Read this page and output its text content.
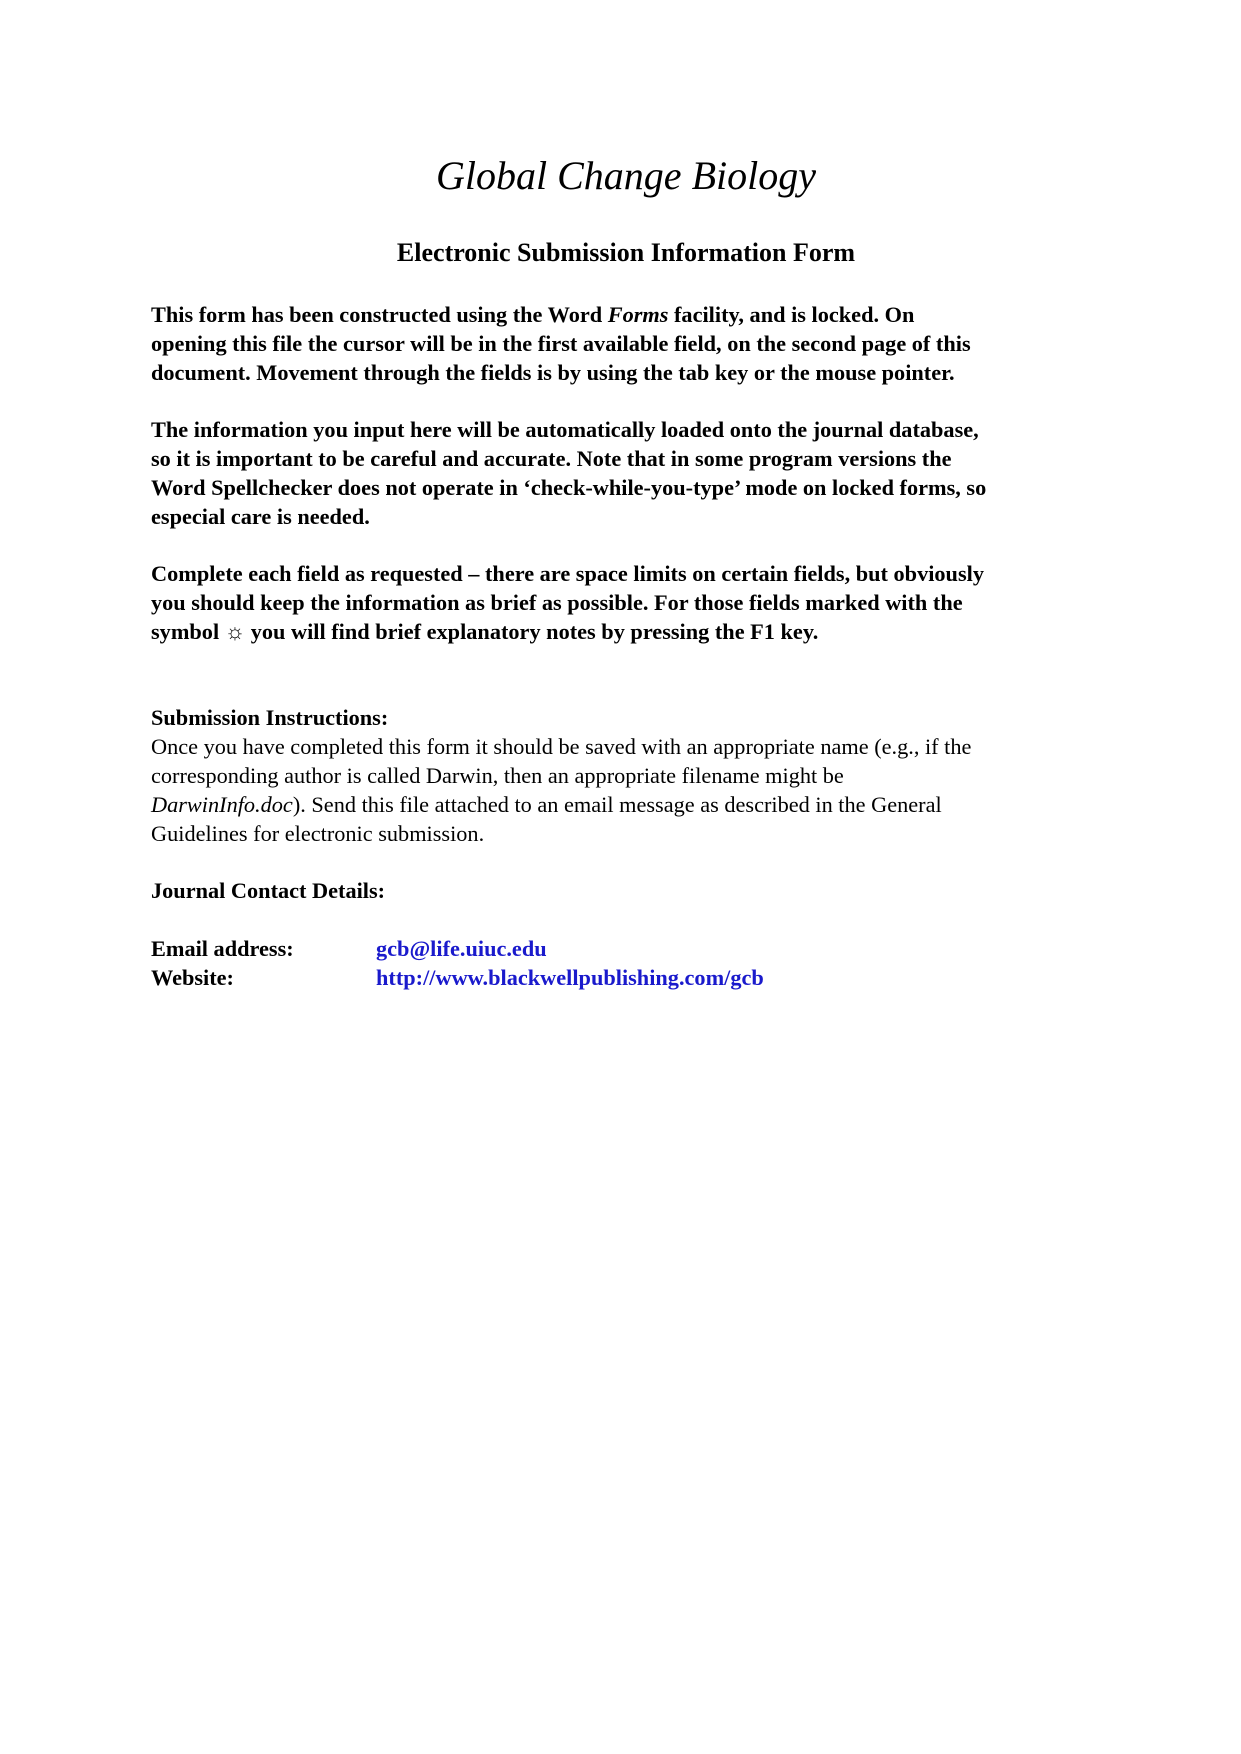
Global Change Biology
Electronic Submission Information Form

This form has been constructed using the Word Forms facility, and is locked. On
opening this file the cursor will be in the first available field, on the second page of this
document. Movement through the fields is by using the tab key or the mouse pointer.

The information you input here will be automatically loaded onto the journal database,
so it is important to be careful and accurate. Note that in some program versions the
Word Spellchecker does not operate in ‘check-while-you-type’ mode on locked forms, so
especial care is needed.

Complete each field as requested – there are space limits on certain fields, but obviously
you should keep the information as brief as possible. For those fields marked with the
symbol ☼ you will find brief explanatory notes by pressing the F1 key.

Submission Instructions:

Once you have completed this form it should be saved with an appropriate name (e.g., if the
corresponding author is called Darwin, then an appropriate filename might be
DarwinInfo.doc). Send this file attached to an email message as described in the General
Guidelines for electronic submission.

Journal Contact Details:

Email address:	gcb@life.uiuc.edu
Website:	http://www.blackwellpublishing.com/gcb
